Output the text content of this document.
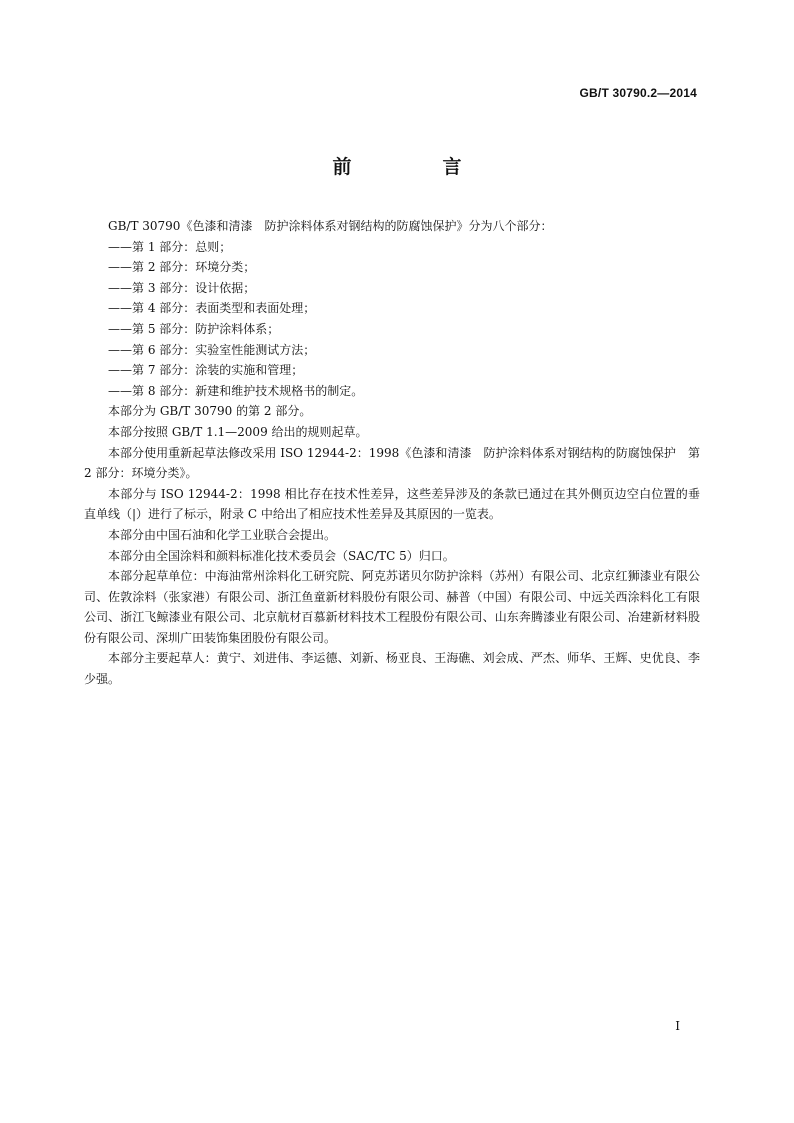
GB/T 30790.2—2014
前　言

GB/T 30790《色漆和清漆　防护涂料体系对钢结构的防腐蚀保护》分为八个部分：

——第 1 部分：总则；

——第 2 部分：环境分类；

——第 3 部分：设计依据；

——第 4 部分：表面类型和表面处理；

——第 5 部分：防护涂料体系；

——第 6 部分：实验室性能测试方法；

——第 7 部分：涂装的实施和管理；

——第 8 部分：新建和维护技术规格书的制定。

本部分为 GB/T 30790 的第 2 部分。

本部分按照 GB/T 1.1—2009 给出的规则起草。

本部分使用重新起草法修改采用 ISO 12944-2：1998《色漆和清漆　防护涂料体系对钢结构的防腐蚀保护　第 2 部分：环境分类》。

本部分与 ISO 12944-2：1998 相比存在技术性差异，这些差异涉及的条款已通过在其外侧页边空白位置的垂直单线（|）进行了标示，附录 C 中给出了相应技术性差异及其原因的一览表。

本部分由中国石油和化学工业联合会提出。

本部分由全国涂料和颜料标准化技术委员会（SAC/TC 5）归口。

本部分起草单位：中海油常州涂料化工研究院、阿克苏诺贝尔防护涂料（苏州）有限公司、北京红狮漆业有限公司、佐敦涂料（张家港）有限公司、浙江鱼童新材料股份有限公司、赫普（中国）有限公司、中远关西涂料化工有限公司、浙江飞鲸漆业有限公司、北京航材百慕新材料技术工程股份有限公司、山东奔腾漆业有限公司、冶建新材料股份有限公司、深圳广田装饰集团股份有限公司。

本部分主要起草人：黄宁、刘进伟、李运德、刘新、杨亚良、王海礁、刘会成、严杰、师华、王辉、史优良、李少强。

I
